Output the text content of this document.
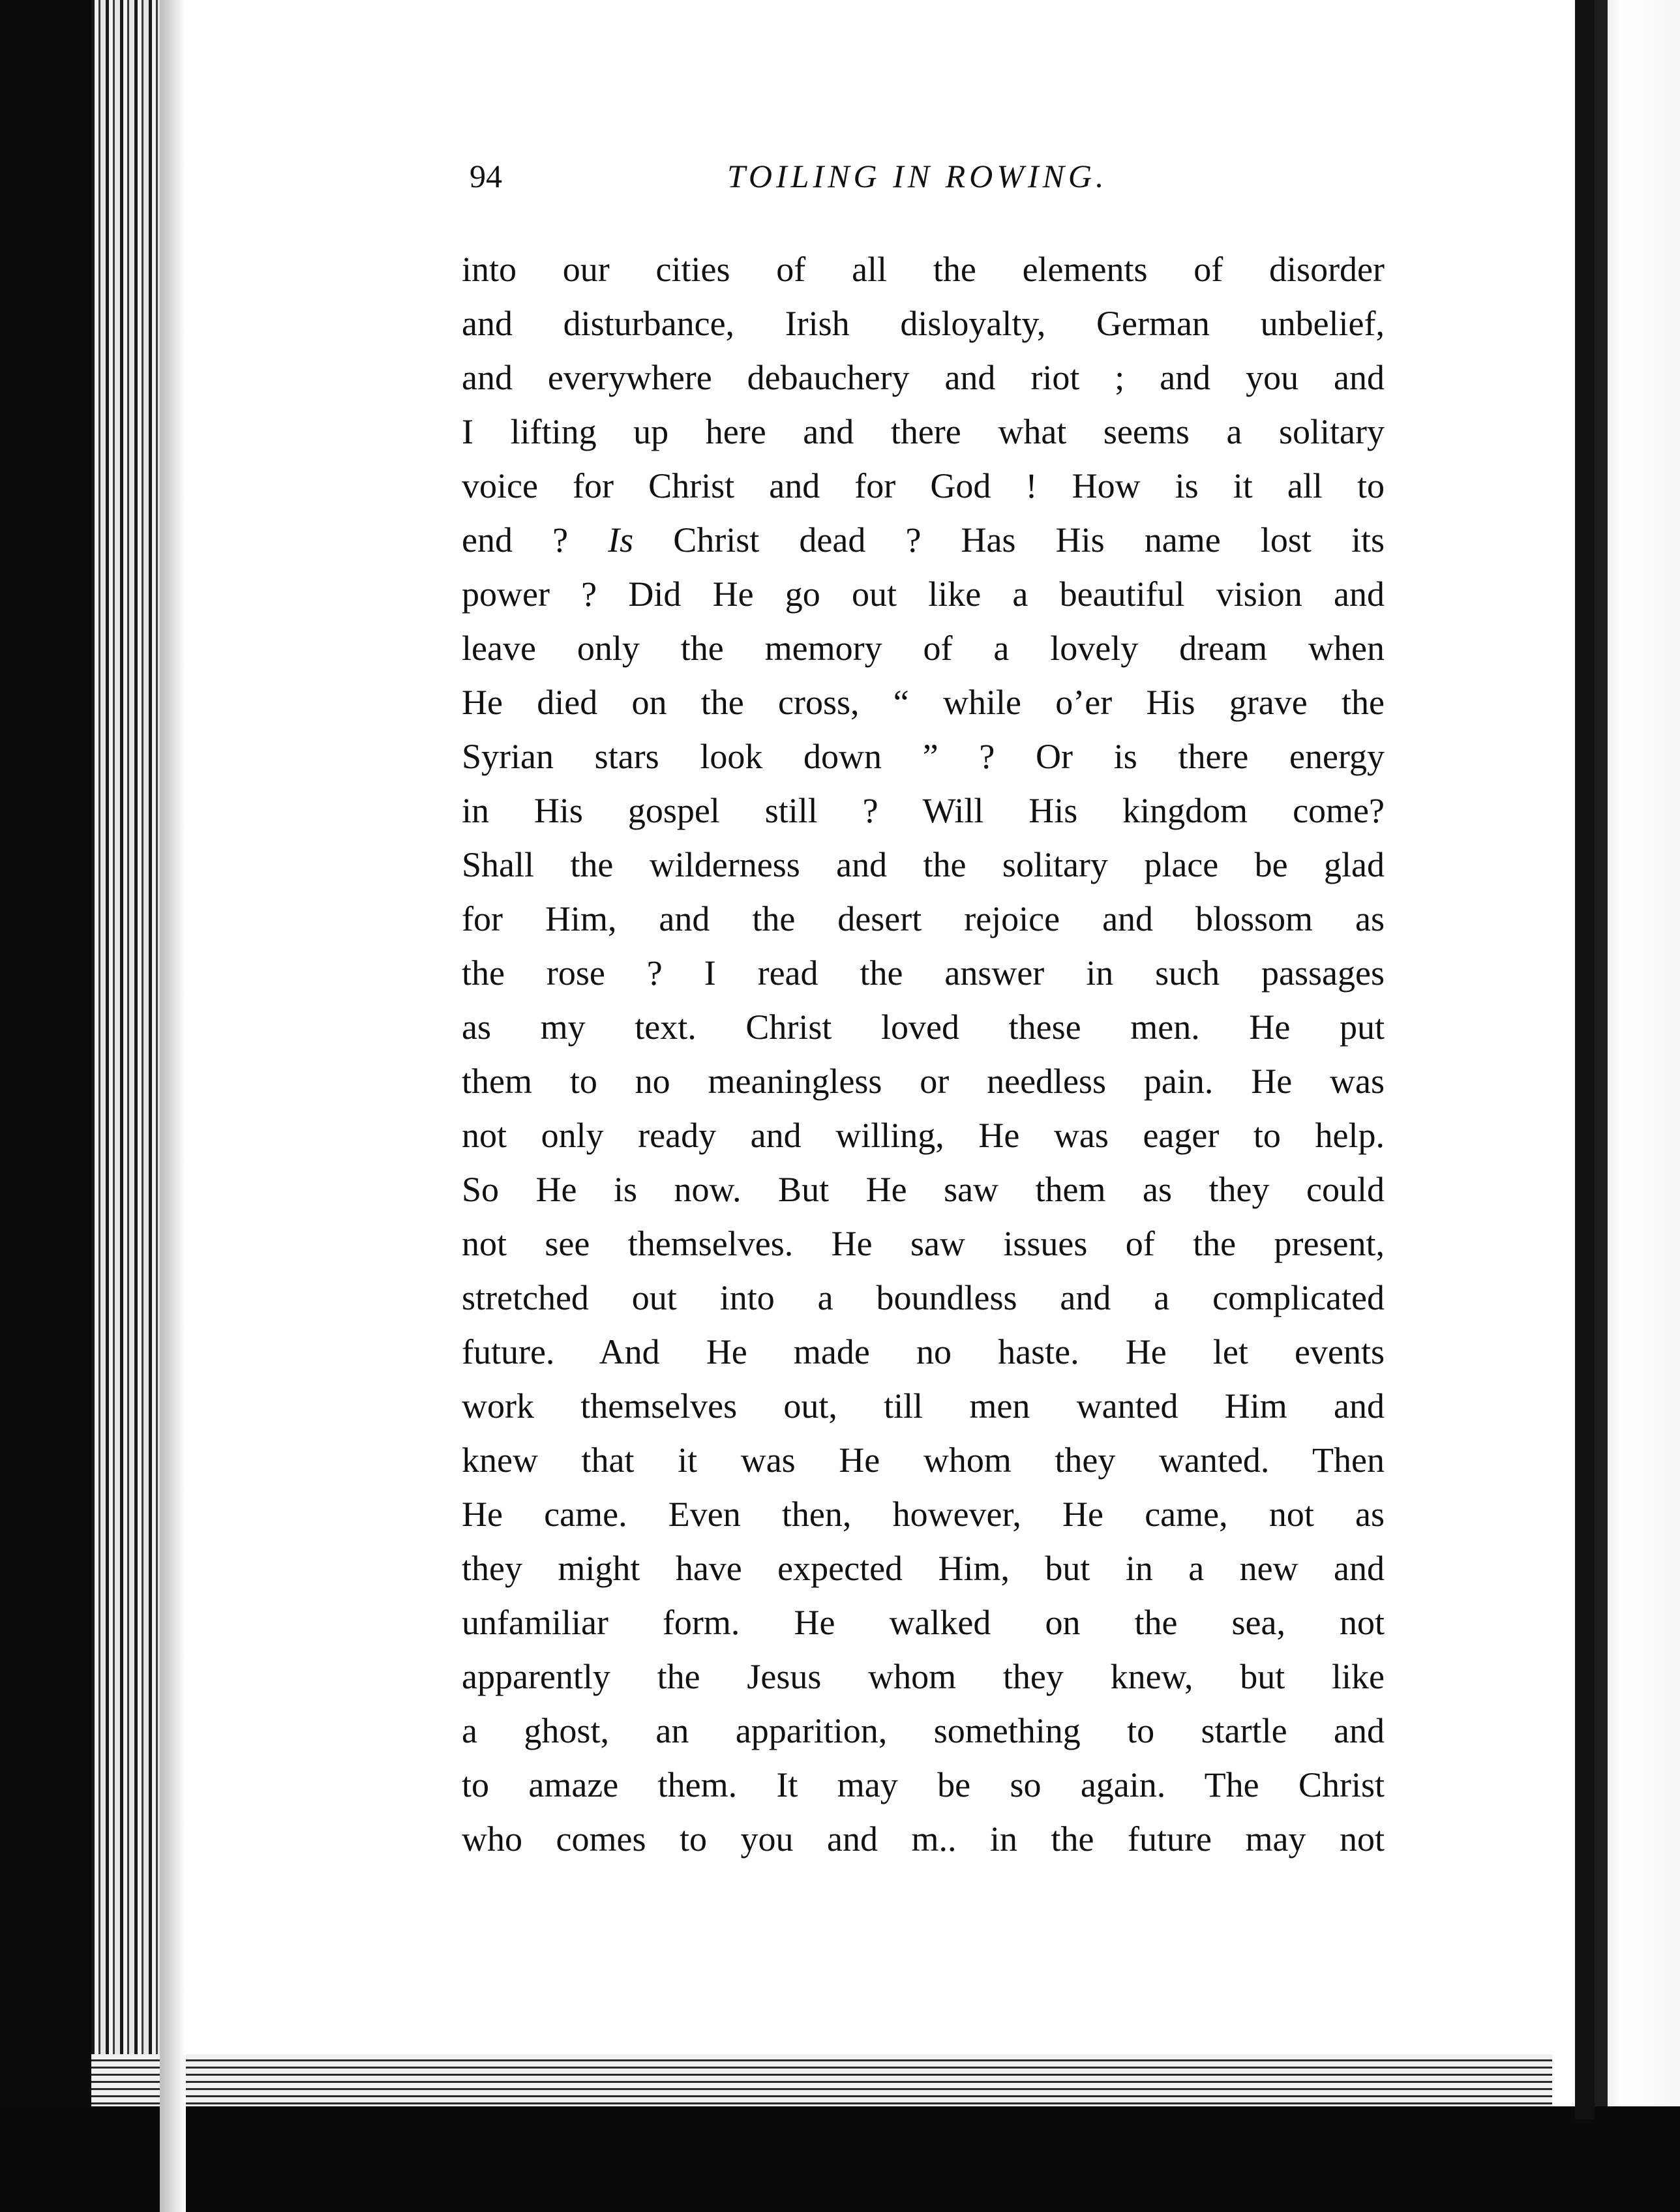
94	TOILING IN ROWING.
into our cities of all the elements of disorder
and disturbance, Irish disloyalty, German unbelief,
and everywhere debauchery and riot ; and you and
I lifting up here and there what seems a solitary
voice for Christ and for God ! How is it all to
end ? Is Christ dead ? Has His name lost its
power ? Did He go out like a beautiful vision and
leave only the memory of a lovely dream when
He died on the cross, “ while o’er His grave the
Syrian stars look down ” ? Or is there energy
in His gospel still ? Will His kingdom come?
Shall the wilderness and the solitary place be glad
for Him, and the desert rejoice and blossom as
the rose ? I read the answer in such passages
as my text. Christ loved these men. He put
them to no meaningless or needless pain. He was
not only ready and willing, He was eager to help.
So He is now. But He saw them as they could
not see themselves. He saw issues of the present,
stretched out into a boundless and a complicated
future. And He made no haste. He let events
work themselves out, till men wanted Him and
knew that it was He whom they wanted. Then
He came. Even then, however, He came, not as
they might have expected Him, but in a new and
unfamiliar form. He walked on the sea, not
apparently the Jesus whom they knew, but like
a ghost, an apparition, something to startle and
to amaze them. It may be so again. The Christ
who comes to you and m.. in the future may not
